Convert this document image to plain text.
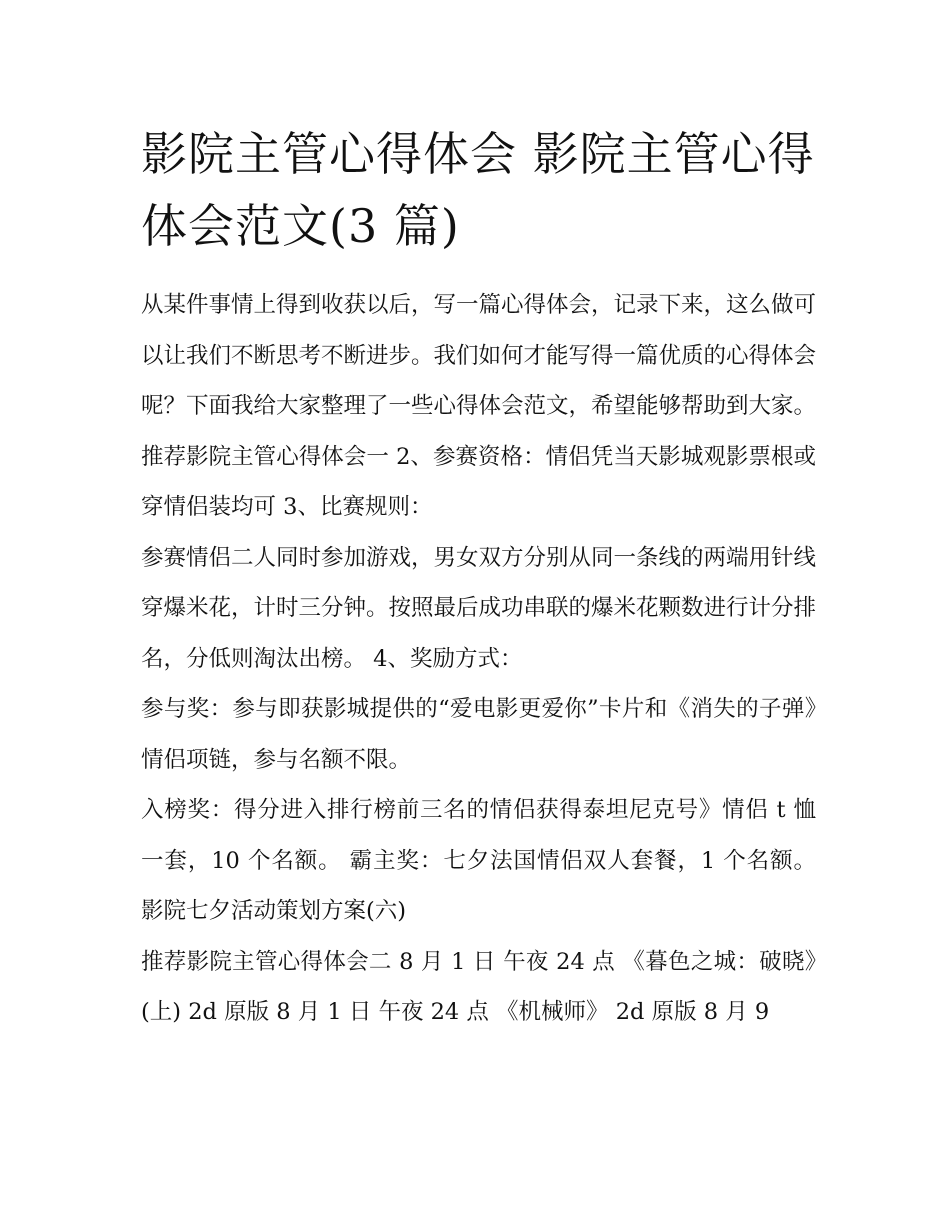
影院主管心得体会 影院主管心得体会范文(3 篇)

从某件事情上得到收获以后，写一篇心得体会，记录下来，这么做可以让我们不断思考不断进步。我们如何才能写得一篇优质的心得体会呢？下面我给大家整理了一些心得体会范文，希望能够帮助到大家。

推荐影院主管心得体会一 2、参赛资格：情侣凭当天影城观影票根或穿情侣装均可 3、比赛规则：

参赛情侣二人同时参加游戏，男女双方分别从同一条线的两端用针线穿爆米花，计时三分钟。按照最后成功串联的爆米花颗数进行计分排名，分低则淘汰出榜。 4、奖励方式：

参与奖：参与即获影城提供的“爱电影更爱你”卡片和《消失的子弹》情侣项链，参与名额不限。

入榜奖：得分进入排行榜前三名的情侣获得泰坦尼克号》情侣 t 恤一套，10 个名额。 霸主奖：七夕法国情侣双人套餐，1 个名额。 影院七夕活动策划方案(六)

推荐影院主管心得体会二 8 月 1 日 午夜 24 点 《暮色之城：破晓》(上) 2d 原版 8 月 1 日 午夜 24 点 《机械师》 2d 原版 8 月 9
